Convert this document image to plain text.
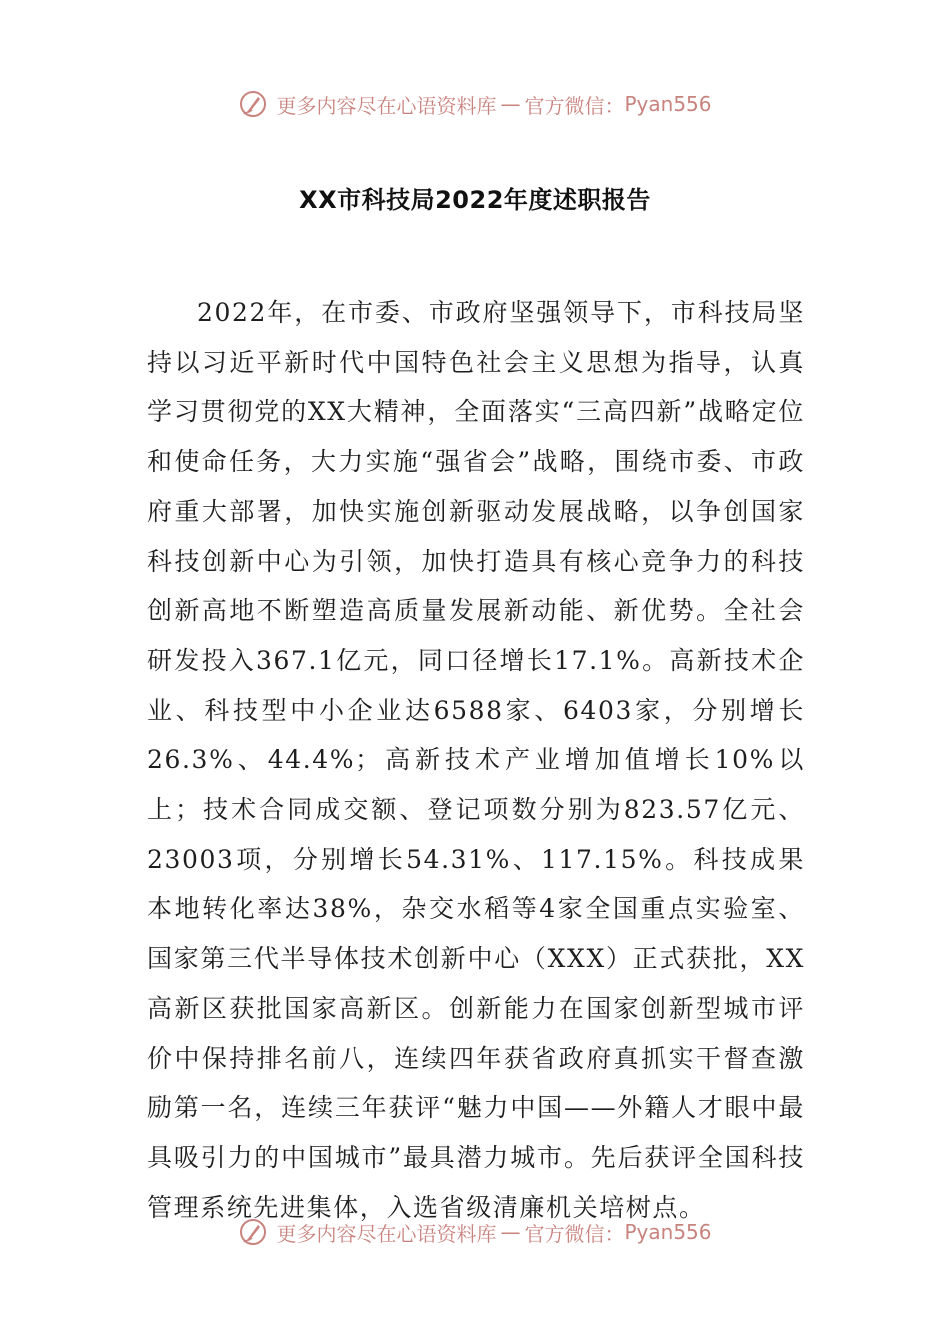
更多内容尽在心语资料库 — 官方微信： Pyan556
XX市科技局2022年度述职报告

2022年，在市委、市政府坚强领导下，市科技局坚持以习近平新时代中国特色社会主义思想为指导，认真学习贯彻党的XX大精神，全面落实“三高四新”战略定位和使命任务，大力实施“强省会”战略，围绕市委、市政府重大部署，加快实施创新驱动发展战略，以争创国家科技创新中心为引领，加快打造具有核心竞争力的科技创新高地不断塑造高质量发展新动能、新优势。全社会研发投入367.1亿元，同口径增长17.1%。高新技术企业、科技型中小企业达6588家、6403家，分别增长26.3%、44.4%；高新技术产业增加值增长10%以上；技术合同成交额、登记项数分别为823.57亿元、23003项，分别增长54.31%、117.15%。科技成果本地转化率达38%，杂交水稻等4家全国重点实验室、国家第三代半导体技术创新中心（XXX）正式获批，XX高新区获批国家高新区。创新能力在国家创新型城市评价中保持排名前八，连续四年获省政府真抓实干督查激励第一名，连续三年获评“魅力中国——外籍人才眼中最具吸引力的中国城市”最具潜力城市。先后获评全国科技管理系统先进集体，入选省级清廉机关培树点。

更多内容尽在心语资料库 — 官方微信： Pyan556
